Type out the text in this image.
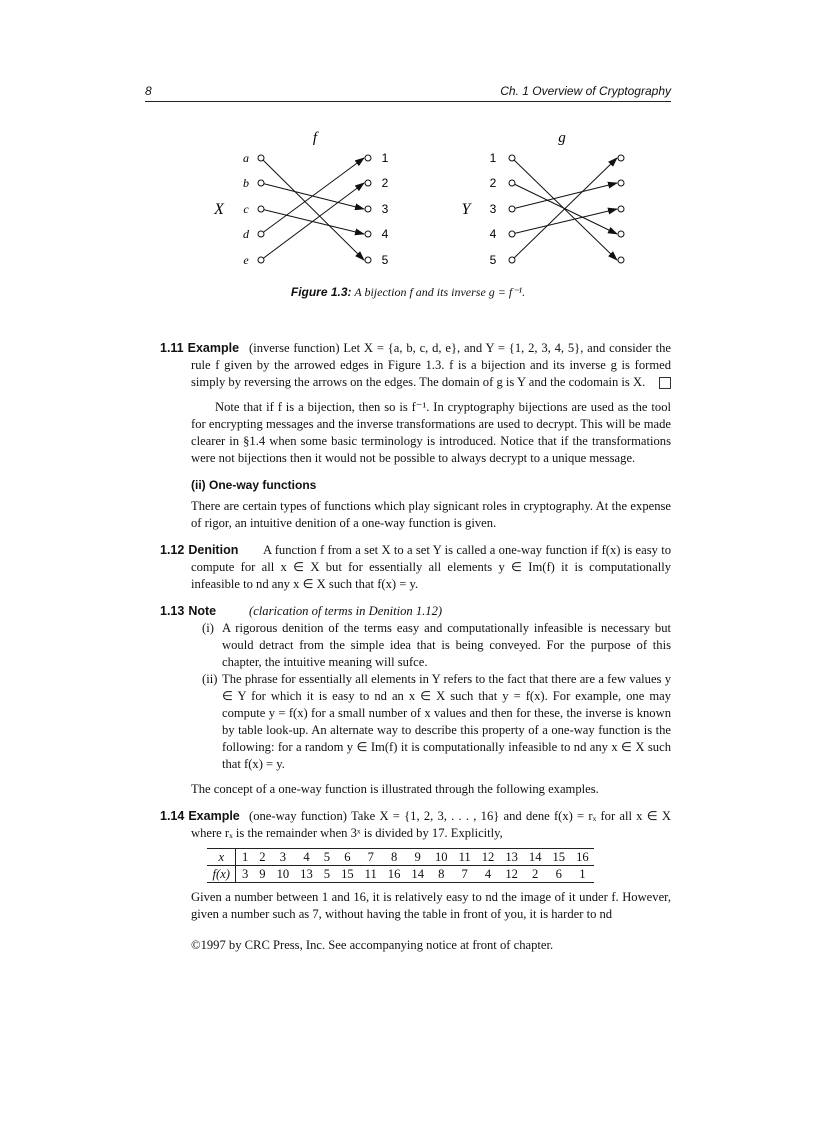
8	Ch. 1 Overview of Cryptography
f
X
g
Y
a	1	1
b	2	2
c	3	3
d	4	4
e	5	5
Figure 1.3: A bijection f and its inverse g = f⁻¹.
1.11 Example (inverse function) Let X = {a, b, c, d, e}, and Y = {1, 2, 3, 4, 5}, and consider the rule f given by the arrowed edges in Figure 1.3. f is a bijection and its inverse g is formed simply by reversing the arrows on the edges. The domain of g is Y and the codomain is X.
Note that if f is a bijection, then so is f⁻¹. In cryptography bijections are used as the tool for encrypting messages and the inverse transformations are used to decrypt. This will be made clearer in §1.4 when some basic terminology is introduced. Notice that if the transformations were not bijections then it would not be possible to always decrypt to a unique message.
(ii) One-way functions
There are certain types of functions which play signicant roles in cryptography. At the expense of rigor, an intuitive denition of a one-way function is given.
1.12 Denition A function f from a set X to a set Y is called a one-way function if f(x) is easy to compute for all x ∈ X but for essentially all elements y ∈ Im(f) it is computationally infeasible to nd any x ∈ X such that f(x) = y.
1.13 Note	(clarication of terms in Denition 1.12)
(i) A rigorous denition of the terms easy and computationally infeasible is necessary but would detract from the simple idea that is being conveyed. For the purpose of this chapter, the intuitive meaning will sufce.
(ii) The phrase for essentially all elements in Y refers to the fact that there are a few values y ∈ Y for which it is easy to nd an x ∈ X such that y = f(x). For example, one may compute y = f(x) for a small number of x values and then for these, the inverse is known by table look-up. An alternate way to describe this property of a one-way function is the following: for a random y ∈ Im(f) it is computationally infeasible to nd any x ∈ X such that f(x) = y.
The concept of a one-way function is illustrated through the following examples.
1.14 Example (one-way function) Take X = {1, 2, 3, . . . , 16} and dene f(x) = rₓ for all x ∈ X where rₓ is the remainder when 3ˣ is divided by 17. Explicitly,
x	1	2	3	4	5	6	7	8	9	10	11	12	13	14	15	16
f(x)	3	9	10	13	5	15	11	16	14	8	7	4	12	2	6	1
Given a number between 1 and 16, it is relatively easy to nd the image of it under f. However, given a number such as 7, without having the table in front of you, it is harder to nd
©1997 by CRC Press, Inc. See accompanying notice at front of chapter.
